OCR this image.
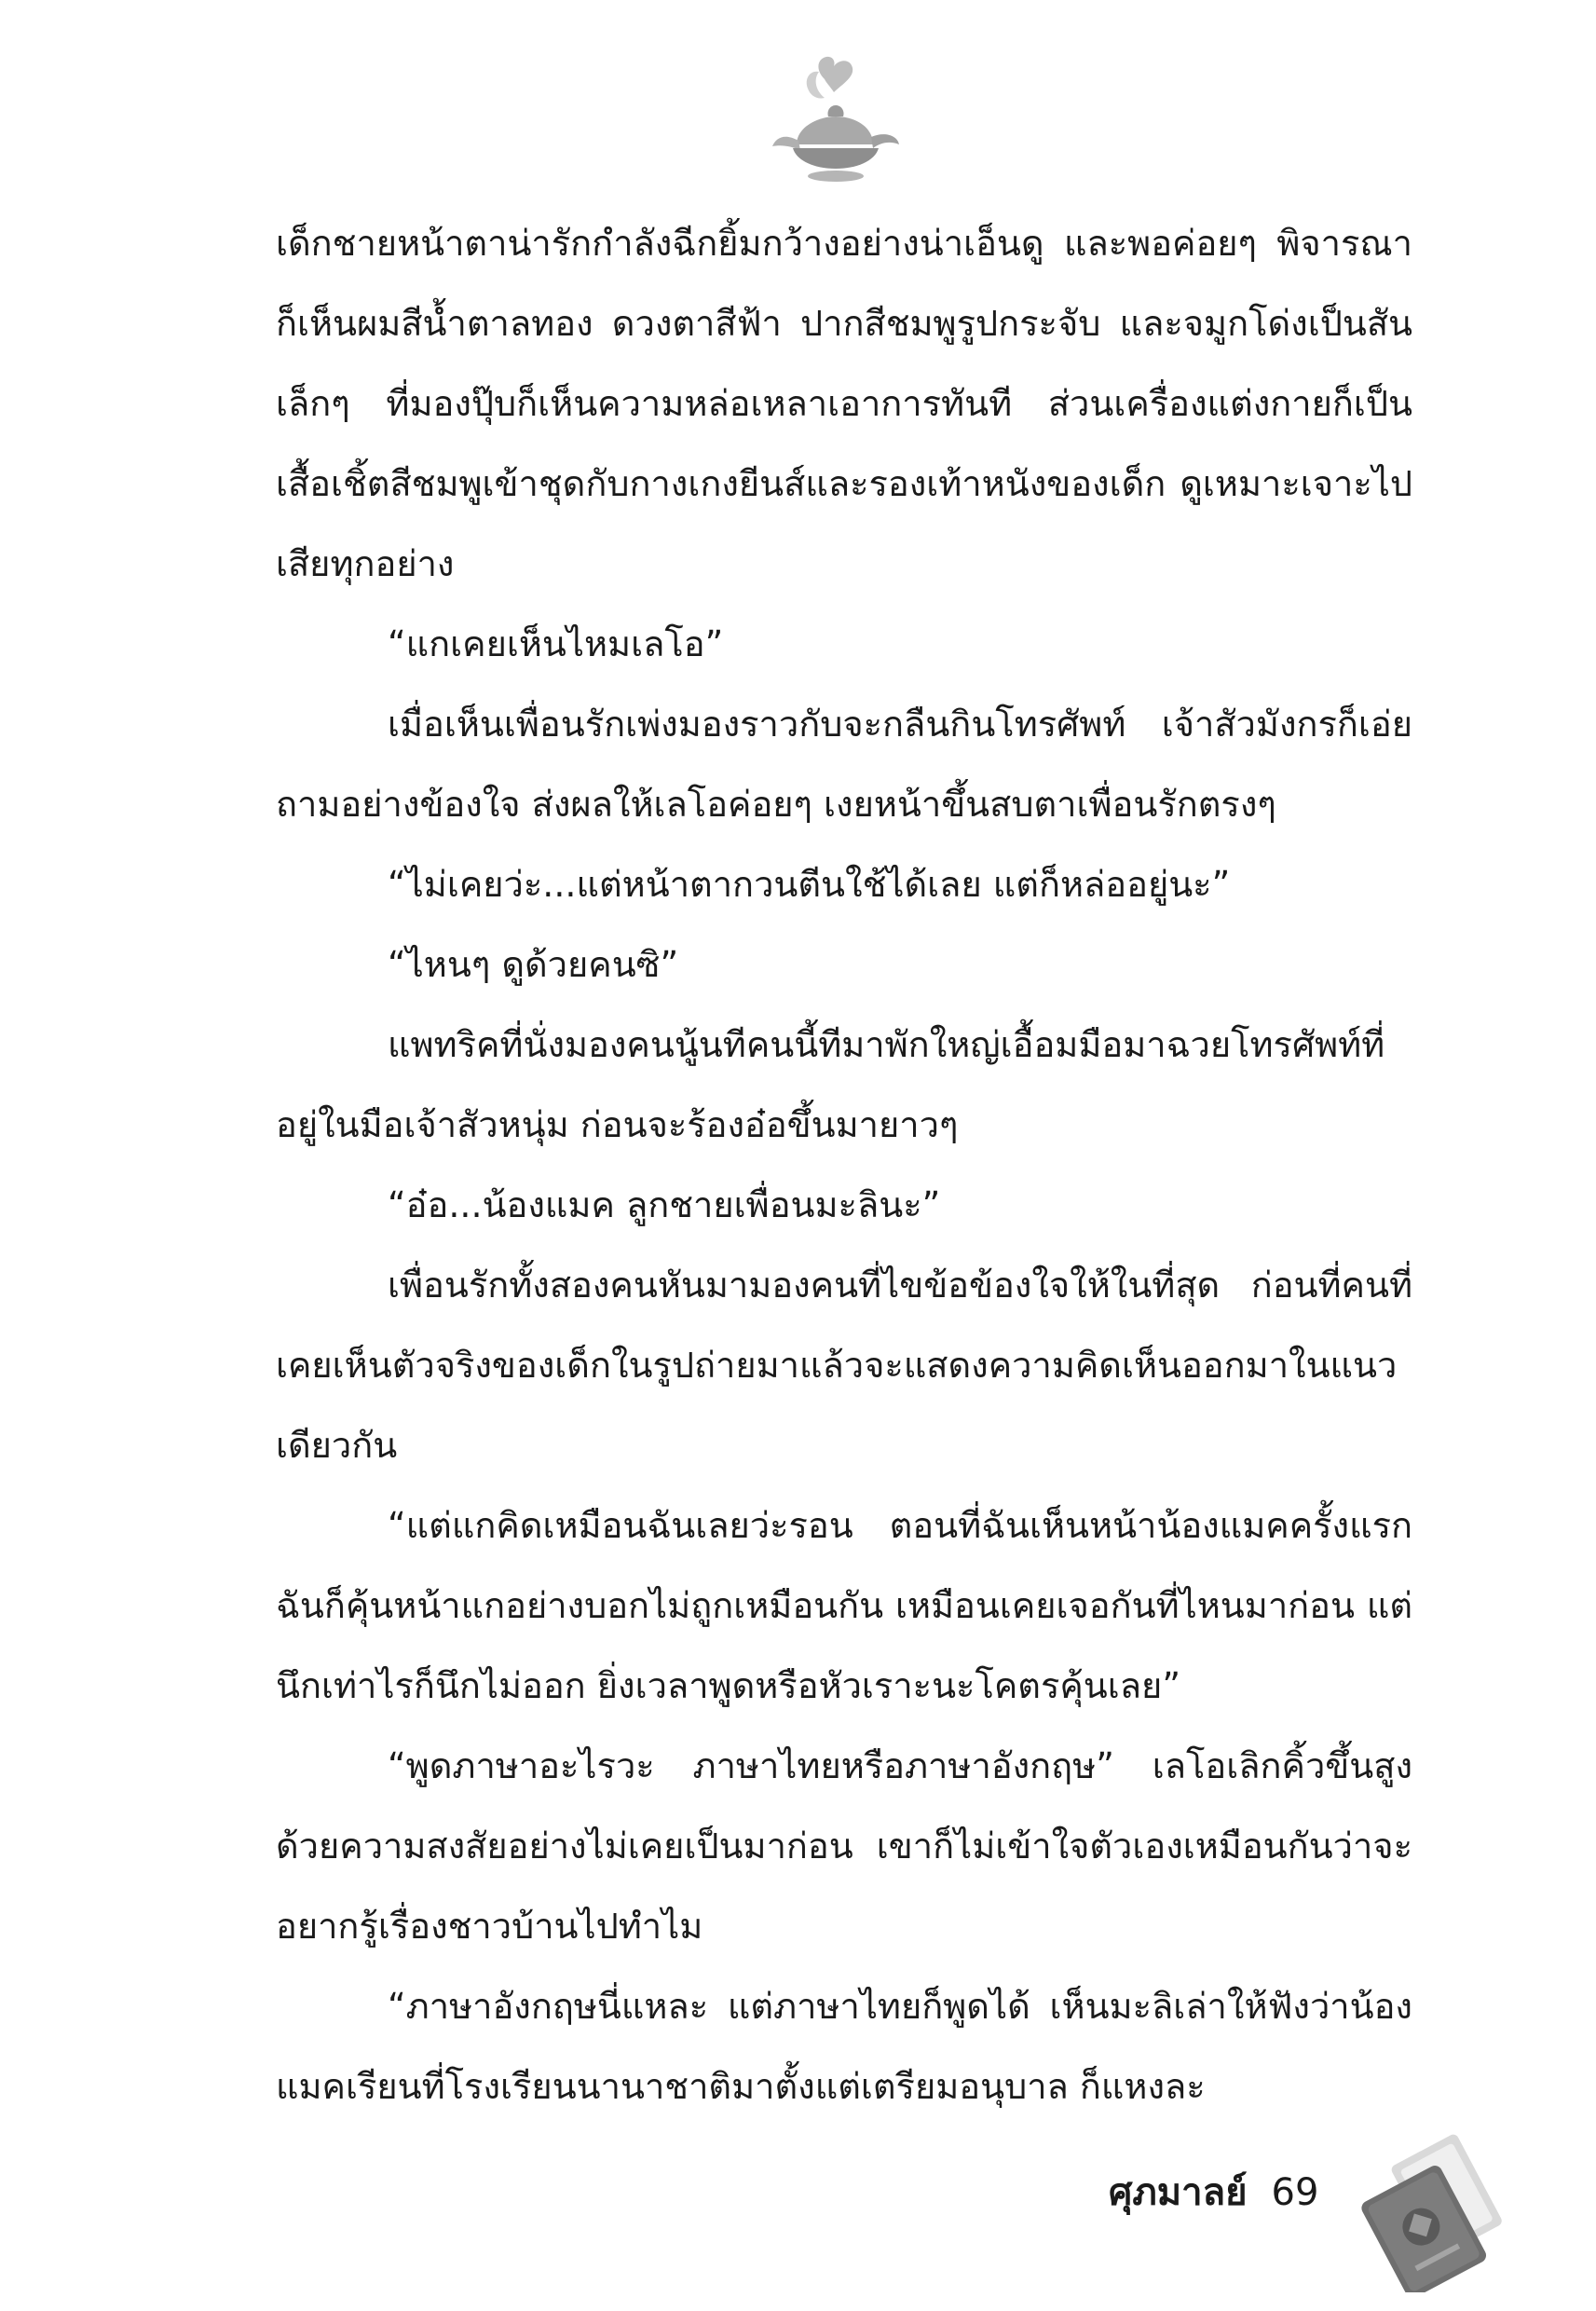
เด็กชายหน้าตาน่ารักกำลังฉีกยิ้มกว้างอย่างน่าเอ็นดู และพอค่อยๆ พิจารณาก็เห็นผมสีน้ำตาลทอง ดวงตาสีฟ้า ปากสีชมพูรูปกระจับ และจมูกโด่งเป็นสันเล็กๆ ที่มองปุ๊บก็เห็นความหล่อเหลาเอาการทันที ส่วนเครื่องแต่งกายก็เป็นเสื้อเชิ้ตสีชมพูเข้าชุดกับกางเกงยีนส์และรองเท้าหนังของเด็ก ดูเหมาะเจาะไปเสียทุกอย่าง

“แกเคยเห็นไหมเลโอ”

เมื่อเห็นเพื่อนรักเพ่งมองราวกับจะกลืนกินโทรศัพท์ เจ้าสัวมังกรก็เอ่ยถามอย่างข้องใจ ส่งผลให้เลโอค่อยๆ เงยหน้าขึ้นสบตาเพื่อนรักตรงๆ

“ไม่เคยว่ะ...แต่หน้าตากวนตีนใช้ได้เลย แต่ก็หล่ออยู่นะ”

“ไหนๆ ดูด้วยคนซิ”

แพทริคที่นั่งมองคนนู้นทีคนนี้ทีมาพักใหญ่เอื้อมมือมาฉวยโทรศัพท์ที่อยู่ในมือเจ้าสัวหนุ่ม ก่อนจะร้องอ๋อขึ้นมายาวๆ

“อ๋อ...น้องแมค ลูกชายเพื่อนมะลินะ”

เพื่อนรักทั้งสองคนหันมามองคนที่ไขข้อข้องใจให้ในที่สุด ก่อนที่คนที่เคยเห็นตัวจริงของเด็กในรูปถ่ายมาแล้วจะแสดงความคิดเห็นออกมาในแนวเดียวกัน

“แต่แกคิดเหมือนฉันเลยว่ะรอน ตอนที่ฉันเห็นหน้าน้องแมคครั้งแรกฉันก็คุ้นหน้าแกอย่างบอกไม่ถูกเหมือนกัน เหมือนเคยเจอกันที่ไหนมาก่อน แต่นึกเท่าไรก็นึกไม่ออก ยิ่งเวลาพูดหรือหัวเราะนะโคตรคุ้นเลย”

“พูดภาษาอะไรวะ ภาษาไทยหรือภาษาอังกฤษ” เลโอเลิกคิ้วขึ้นสูงด้วยความสงสัยอย่างไม่เคยเป็นมาก่อน เขาก็ไม่เข้าใจตัวเองเหมือนกันว่าจะอยากรู้เรื่องชาวบ้านไปทำไม

“ภาษาอังกฤษนี่แหละ แต่ภาษาไทยก็พูดได้ เห็นมะลิเล่าให้ฟังว่าน้องแมคเรียนที่โรงเรียนนานาชาติมาตั้งแต่เตรียมอนุบาล ก็แหงละ

ศุภมาลย์ 69
